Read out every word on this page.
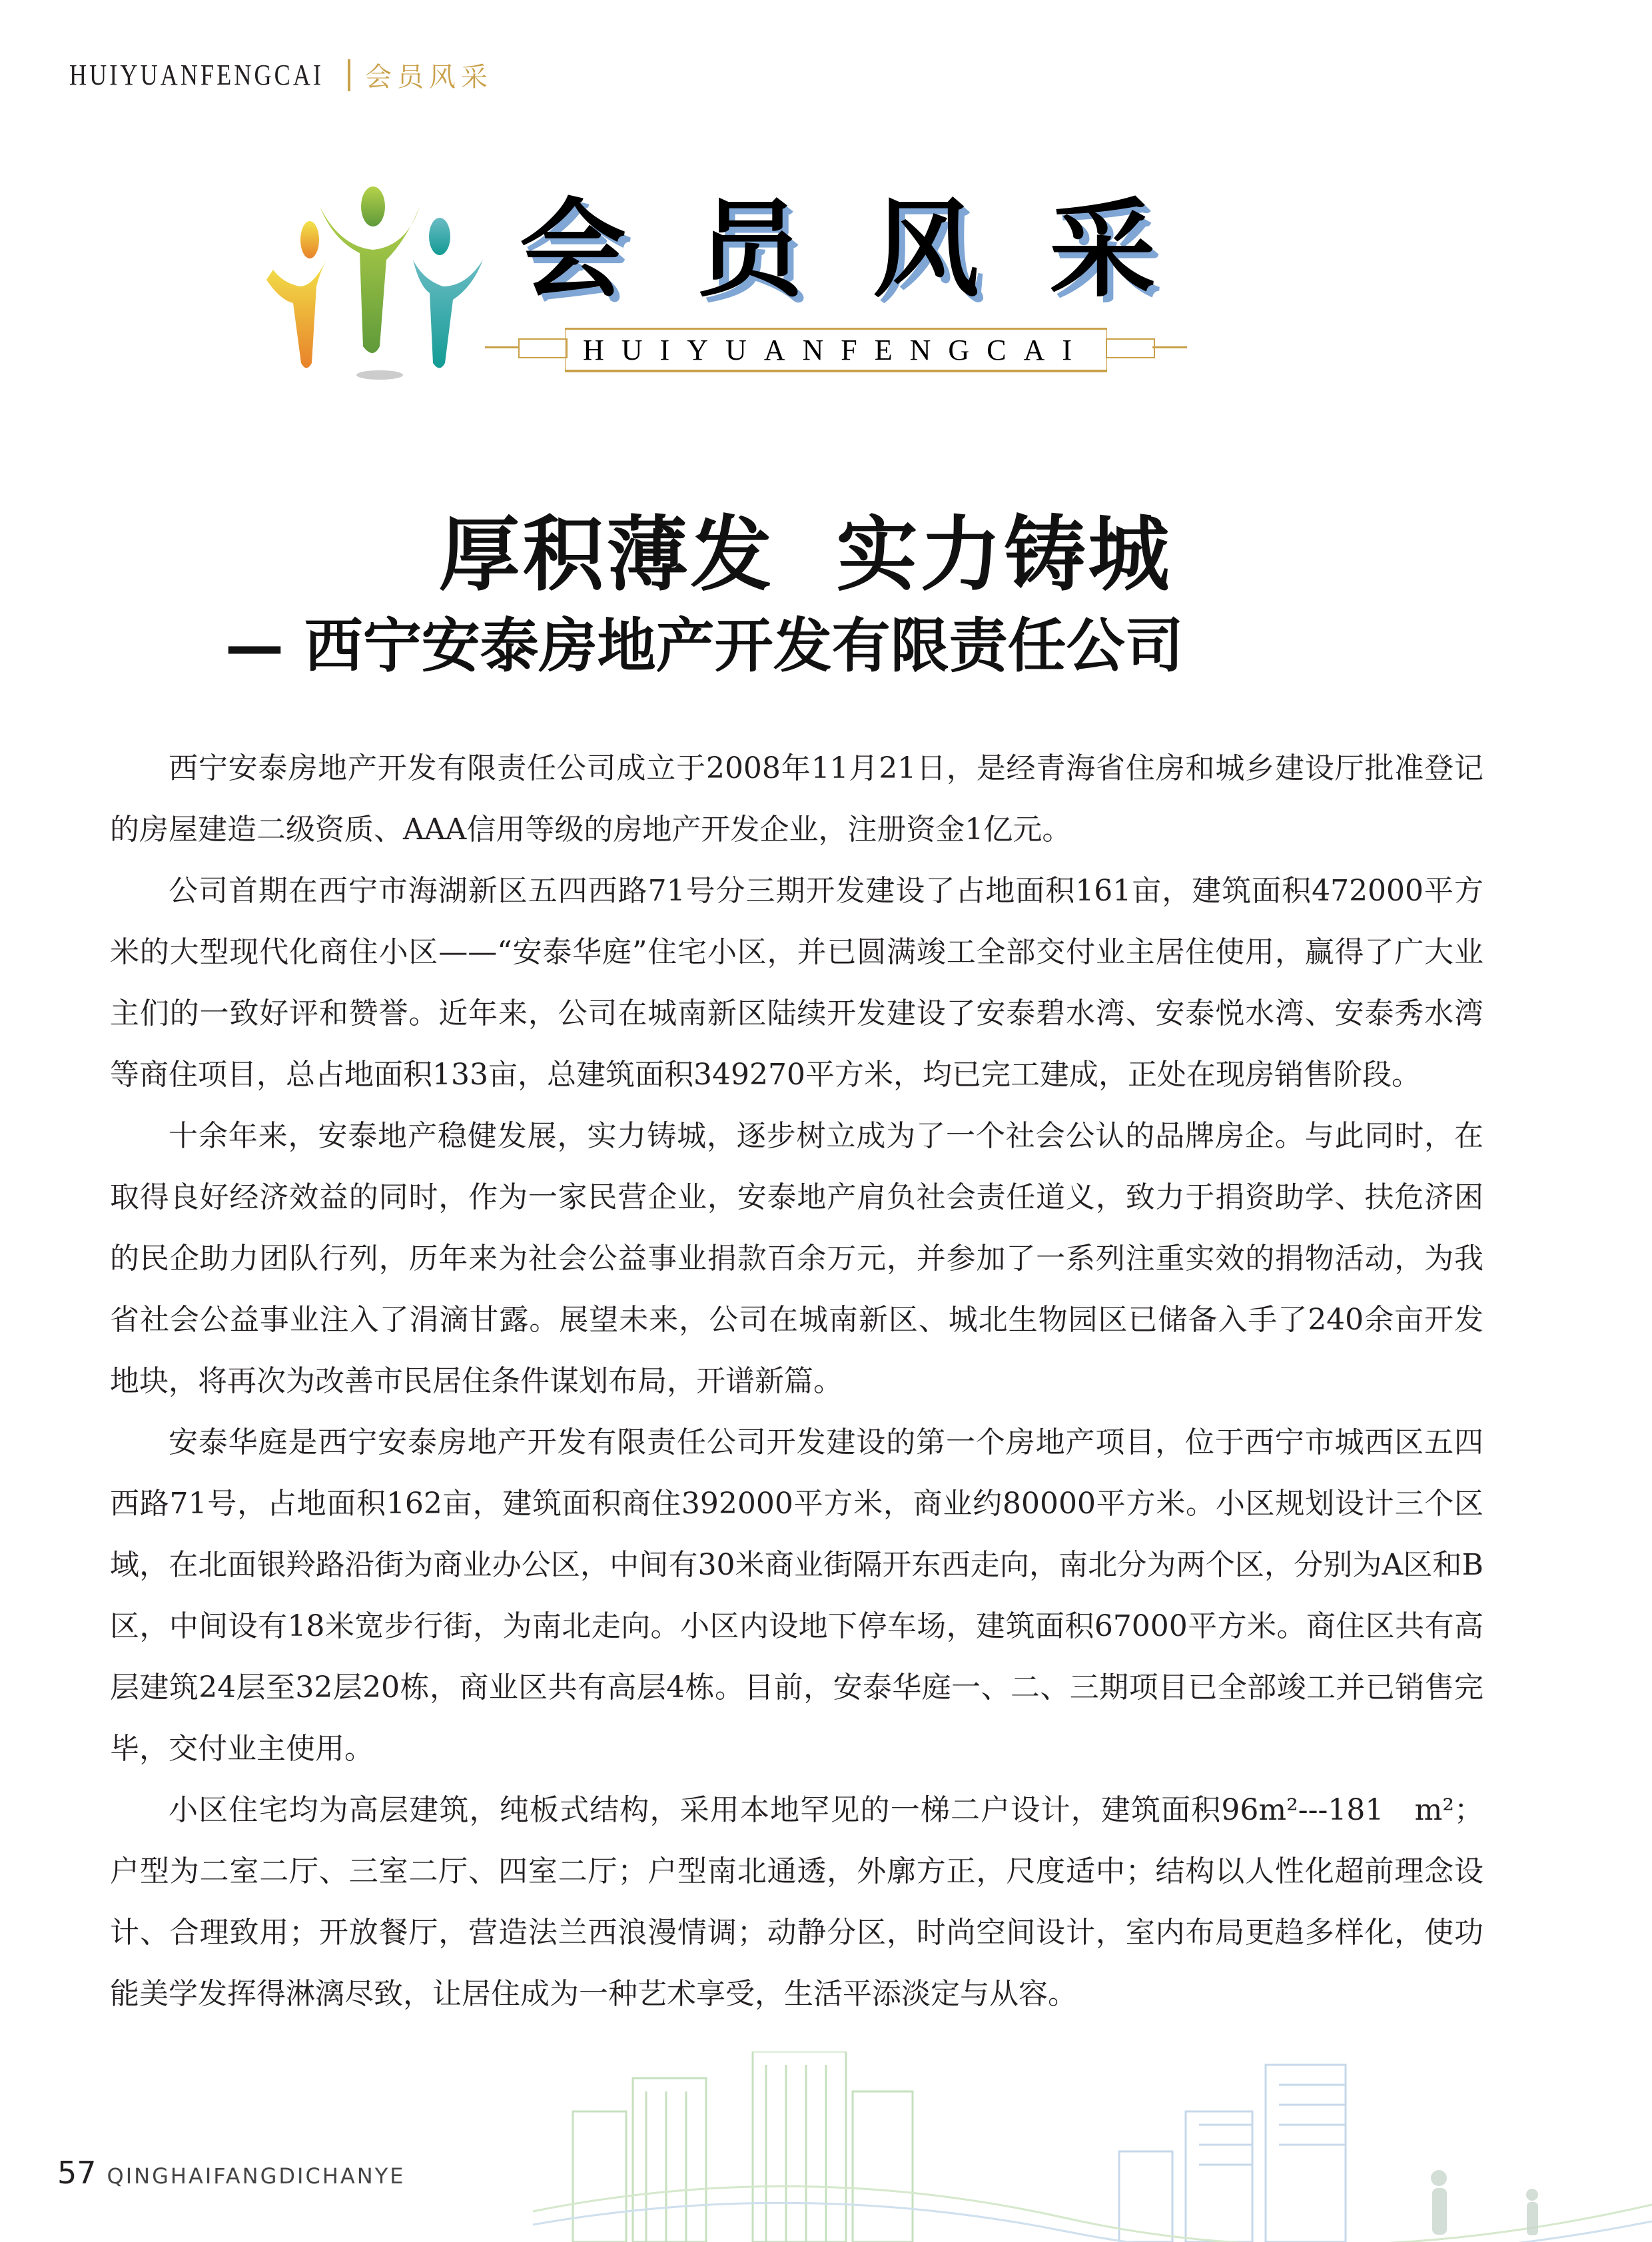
HUIYUANFENGCAI 会员风采
会 员 风 采
HUIYUANFENGCAI
厚积薄发  实力铸城
— 西宁安泰房地产开发有限责任公司

西宁安泰房地产开发有限责任公司成立于2008年11月21日，是经青海省住房和城乡建设厅批准登记的房屋建造二级资质、AAA信用等级的房地产开发企业，注册资金1亿元。

公司首期在西宁市海湖新区五四西路71号分三期开发建设了占地面积161亩，建筑面积472000平方米的大型现代化商住小区——“安泰华庭”住宅小区，并已圆满竣工全部交付业主居住使用，赢得了广大业主们的一致好评和赞誉。近年来，公司在城南新区陆续开发建设了安泰碧水湾、安泰悦水湾、安泰秀水湾等商住项目，总占地面积133亩，总建筑面积349270平方米，均已完工建成，正处在现房销售阶段。

十余年来，安泰地产稳健发展，实力铸城，逐步树立成为了一个社会公认的品牌房企。与此同时，在取得良好经济效益的同时，作为一家民营企业，安泰地产肩负社会责任道义，致力于捐资助学、扶危济困的民企助力团队行列，历年来为社会公益事业捐款百余万元，并参加了一系列注重实效的捐物活动，为我省社会公益事业注入了涓滴甘露。展望未来，公司在城南新区、城北生物园区已储备入手了240余亩开发地块，将再次为改善市民居住条件谋划布局，开谱新篇。

安泰华庭是西宁安泰房地产开发有限责任公司开发建设的第一个房地产项目，位于西宁市城西区五四西路71号，占地面积162亩，建筑面积商住392000平方米，商业约80000平方米。小区规划设计三个区域，在北面银羚路沿街为商业办公区，中间有30米商业街隔开东西走向，南北分为两个区，分别为A区和B区，中间设有18米宽步行街，为南北走向。小区内设地下停车场，建筑面积67000平方米。商住区共有高层建筑24层至32层20栋，商业区共有高层4栋。目前，安泰华庭一、二、三期项目已全部竣工并已销售完毕，交付业主使用。

小区住宅均为高层建筑，纯板式结构，采用本地罕见的一梯二户设计，建筑面积96m²---181　m²；户型为二室二厅、三室二厅、四室二厅；户型南北通透，外廓方正，尺度适中；结构以人性化超前理念设计、合理致用；开放餐厅，营造法兰西浪漫情调；动静分区，时尚空间设计，室内布局更趋多样化，使功能美学发挥得淋漓尽致，让居住成为一种艺术享受，生活平添淡定与从容。

57 QINGHAIFANGDICHANYE
